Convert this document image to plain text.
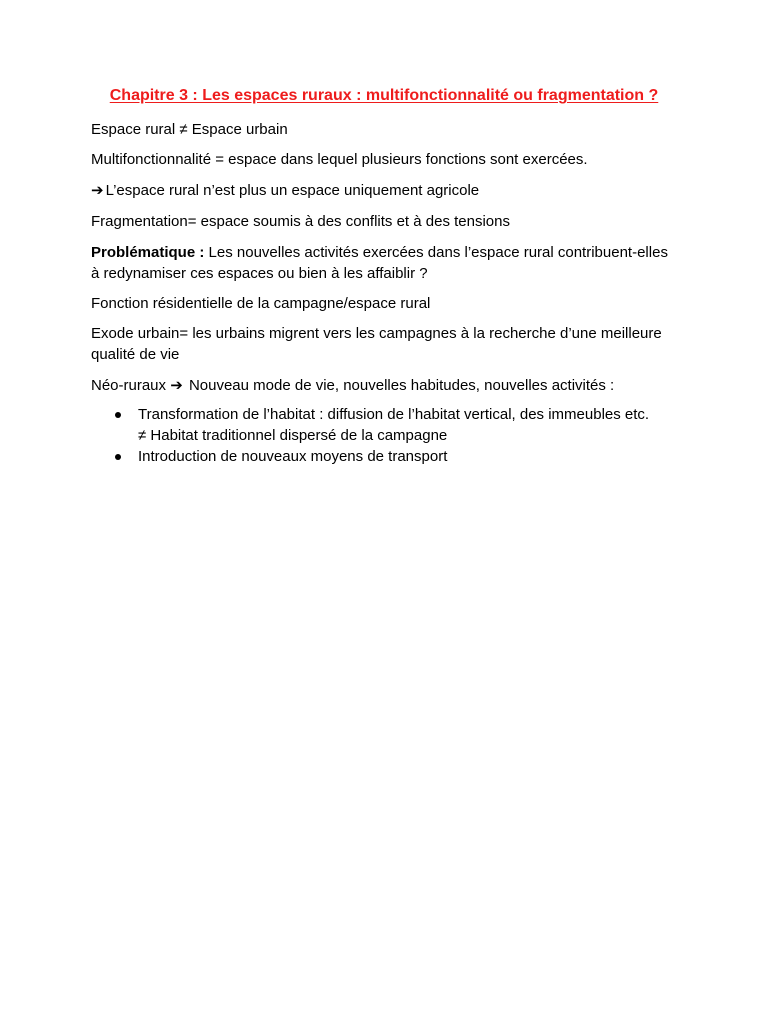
Chapitre 3 : Les espaces ruraux : multifonctionnalité ou fragmentation ?
Espace rural ≠ Espace urbain
Multifonctionnalité = espace dans lequel plusieurs fonctions sont exercées.
➔ L’espace rural n’est plus un espace uniquement agricole
Fragmentation= espace soumis à des conflits et à des tensions
Problématique : Les nouvelles activités exercées dans l’espace rural contribuent-elles
à redynamiser ces espaces ou bien à les affaiblir ?
Fonction résidentielle de la campagne/espace rural
Exode urbain= les urbains migrent vers les campagnes à la recherche d’une meilleure
qualité de vie
Néo-ruraux ➔ Nouveau mode de vie, nouvelles habitudes, nouvelles activités :
Transformation de l’habitat : diffusion de l’habitat vertical, des immeubles etc.
≠ Habitat traditionnel dispersé de la campagne
Introduction de nouveaux moyens de transport
